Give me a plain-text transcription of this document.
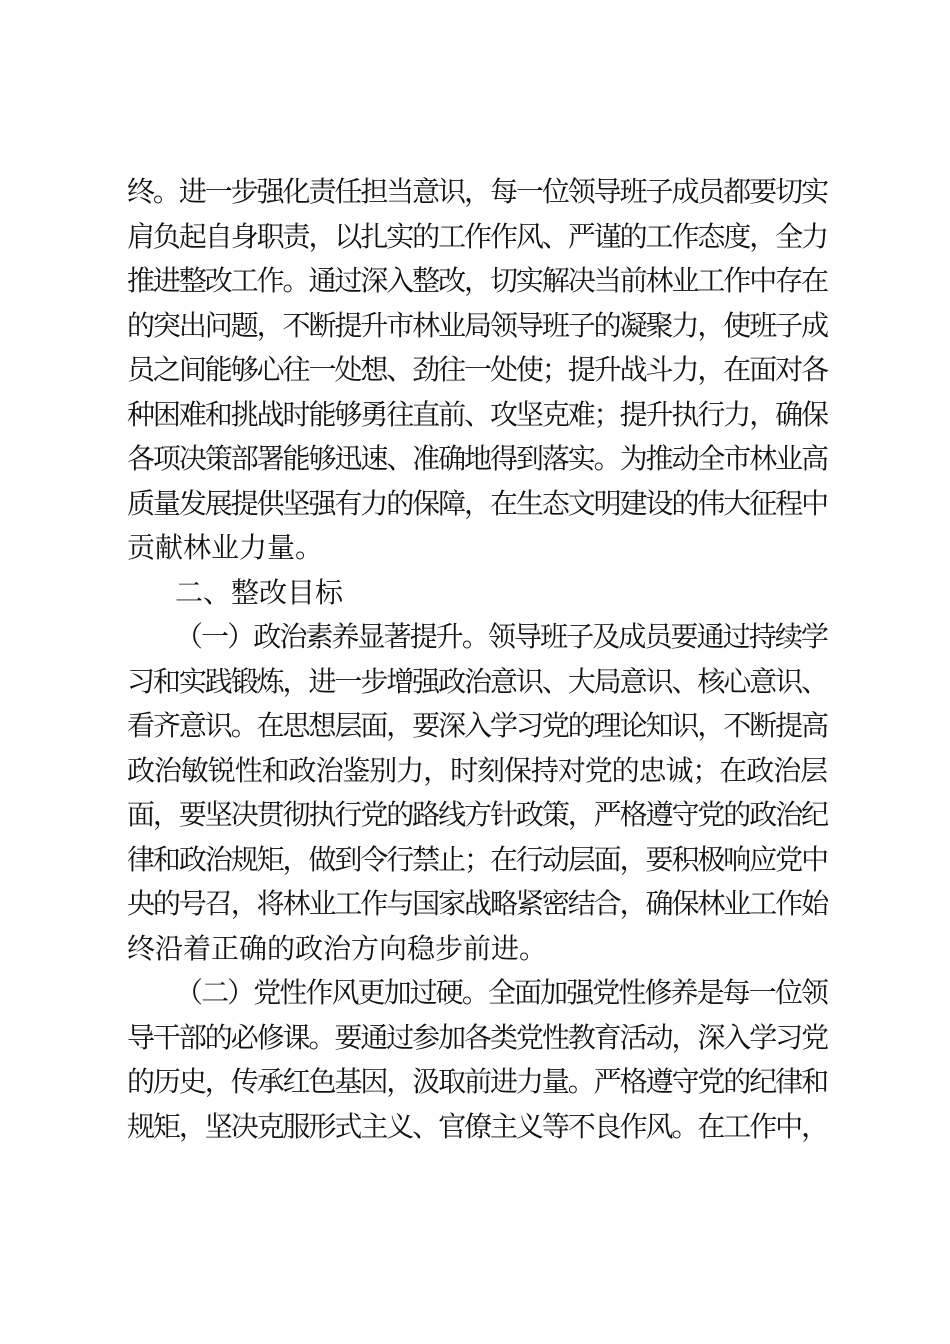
终。进一步强化责任担当意识，每一位领导班子成员都要切实

肩负起自身职责，以扎实的工作作风、严谨的工作态度，全力

推进整改工作。通过深入整改，切实解决当前林业工作中存在

的突出问题，不断提升市林业局领导班子的凝聚力，使班子成

员之间能够心往一处想、劲往一处使；提升战斗力，在面对各

种困难和挑战时能够勇往直前、攻坚克难；提升执行力，确保

各项决策部署能够迅速、准确地得到落实。为推动全市林业高

质量发展提供坚强有力的保障，在生态文明建设的伟大征程中

贡献林业力量。

二、整改目标

（一）政治素养显著提升。领导班子及成员要通过持续学

习和实践锻炼，进一步增强政治意识、大局意识、核心意识、

看齐意识。在思想层面，要深入学习党的理论知识，不断提高

政治敏锐性和政治鉴别力，时刻保持对党的忠诚；在政治层

面，要坚决贯彻执行党的路线方针政策，严格遵守党的政治纪

律和政治规矩，做到令行禁止；在行动层面，要积极响应党中

央的号召，将林业工作与国家战略紧密结合，确保林业工作始

终沿着正确的政治方向稳步前进。

（二）党性作风更加过硬。全面加强党性修养是每一位领

导干部的必修课。要通过参加各类党性教育活动，深入学习党

的历史，传承红色基因，汲取前进力量。严格遵守党的纪律和

规矩，坚决克服形式主义、官僚主义等不良作风。在工作中，
